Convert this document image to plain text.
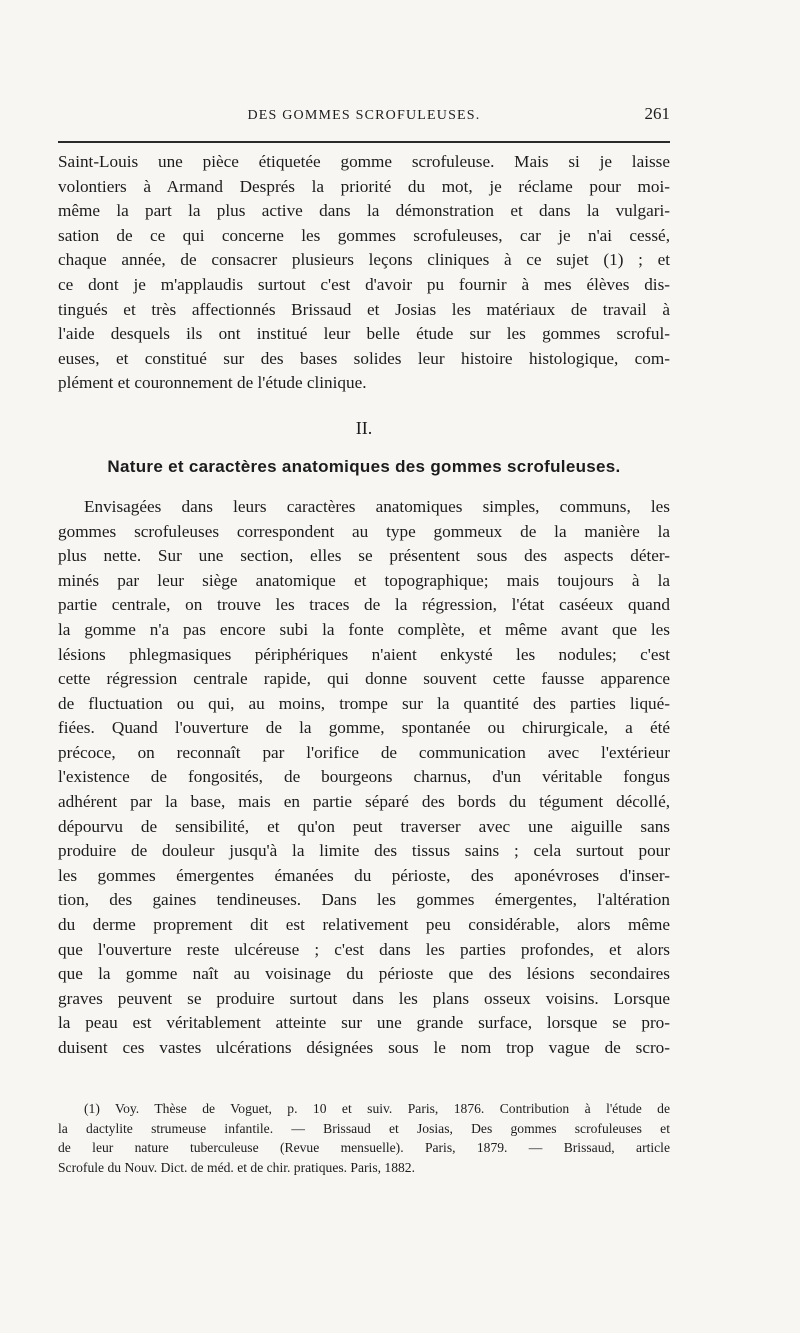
DES GOMMES SCROFULEUSES.	261

Saint-Louis une pièce étiquetée gomme scrofuleuse. Mais si je laisse
volontiers à Armand Després la priorité du mot, je réclame pour moi-
même la part la plus active dans la démonstration et dans la vulgari-
sation de ce qui concerne les gommes scrofuleuses, car je n'ai cessé,
chaque année, de consacrer plusieurs leçons cliniques à ce sujet (1) ; et
ce dont je m'applaudis surtout c'est d'avoir pu fournir à mes élèves dis-
tingués et très affectionnés Brissaud et Josias les matériaux de travail à
l'aide desquels ils ont institué leur belle étude sur les gommes scroful-
euses, et constitué sur des bases solides leur histoire histologique, com-
plément et couronnement de l'étude clinique.

II.
Nature et caractères anatomiques des gommes scrofuleuses.

Envisagées dans leurs caractères anatomiques simples, communs, les
gommes scrofuleuses correspondent au type gommeux de la manière la
plus nette. Sur une section, elles se présentent sous des aspects déter-
minés par leur siège anatomique et topographique; mais toujours à la
partie centrale, on trouve les traces de la régression, l'état caséeux quand
la gomme n'a pas encore subi la fonte complète, et même avant que les
lésions phlegmasiques périphériques n'aient enkysté les nodules; c'est
cette régression centrale rapide, qui donne souvent cette fausse apparence
de fluctuation ou qui, au moins, trompe sur la quantité des parties liqué-
fiées. Quand l'ouverture de la gomme, spontanée ou chirurgicale, a été
précoce, on reconnaît par l'orifice de communication avec l'extérieur
l'existence de fongosités, de bourgeons charnus, d'un véritable fongus
adhérent par la base, mais en partie séparé des bords du tégument décollé,
dépourvu de sensibilité, et qu'on peut traverser avec une aiguille sans
produire de douleur jusqu'à la limite des tissus sains ; cela surtout pour
les gommes émergentes émanées du périoste, des aponévroses d'inser-
tion, des gaines tendineuses. Dans les gommes émergentes, l'altération
du derme proprement dit est relativement peu considérable, alors même
que l'ouverture reste ulcéreuse ; c'est dans les parties profondes, et alors
que la gomme naît au voisinage du périoste que des lésions secondaires
graves peuvent se produire surtout dans les plans osseux voisins. Lorsque
la peau est véritablement atteinte sur une grande surface, lorsque se pro-
duisent ces vastes ulcérations désignées sous le nom trop vague de scro-

(1) Voy. Thèse de Voguet, p. 10 et suiv. Paris, 1876. Contribution à l'étude de
la dactylite strumeuse infantile. — Brissaud et Josias, Des gommes scrofuleuses et
de leur nature tuberculeuse (Revue mensuelle). Paris, 1879. — Brissaud, article
Scrofule du Nouv. Dict. de méd. et de chir. pratiques. Paris, 1882.
